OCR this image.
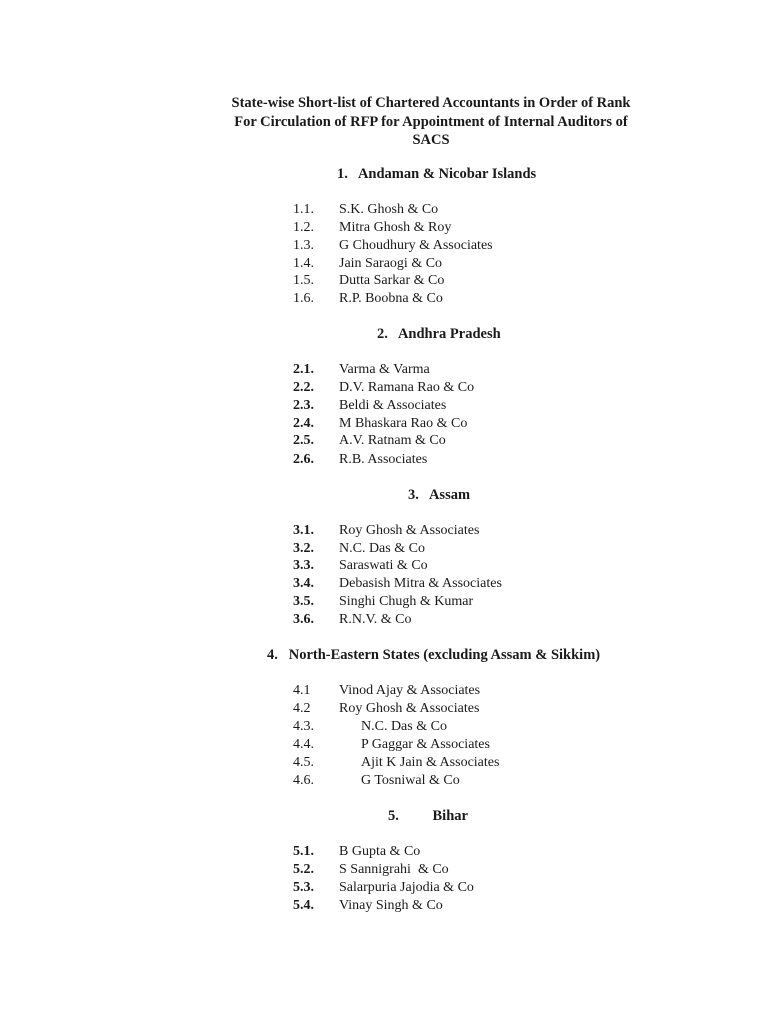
State-wise Short-list of Chartered Accountants in Order of Rank
For Circulation of RFP for Appointment of Internal Auditors of
SACS
1. Andaman & Nicobar Islands
1.1. S.K. Ghosh & Co
1.2. Mitra Ghosh & Roy
1.3. G Choudhury & Associates
1.4. Jain Saraogi & Co
1.5. Dutta Sarkar & Co
1.6. R.P. Boobna & Co
2. Andhra Pradesh
2.1. Varma & Varma
2.2. D.V. Ramana Rao & Co
2.3. Beldi & Associates
2.4. M Bhaskara Rao & Co
2.5. A.V. Ratnam & Co
2.6. R.B. Associates
3. Assam
3.1. Roy Ghosh & Associates
3.2. N.C. Das & Co
3.3. Saraswati & Co
3.4. Debasish Mitra & Associates
3.5. Singhi Chugh & Kumar
3.6. R.N.V. & Co
4. North-Eastern States (excluding Assam & Sikkim)
4.1 Vinod Ajay & Associates
4.2 Roy Ghosh & Associates
4.3.	N.C. Das & Co
4.4.	P Gaggar & Associates
4.5.	Ajit K Jain & Associates
4.6.	G Tosniwal & Co
5. Bihar
5.1. B Gupta & Co
5.2. S Sannigrahi  & Co
5.3. Salarpuria Jajodia & Co
5.4. Vinay Singh & Co
